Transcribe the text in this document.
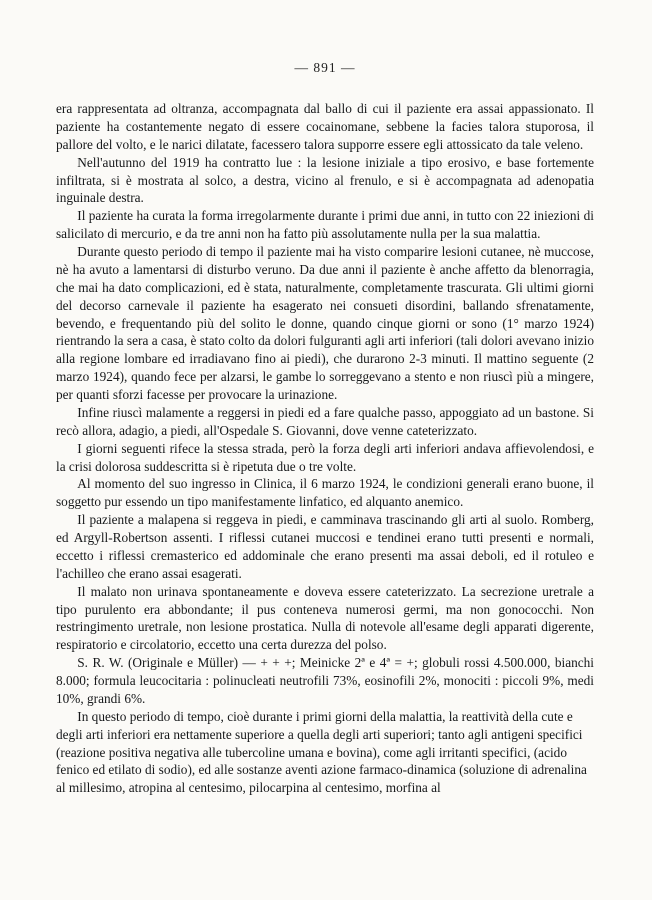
— 891 —

era rappresentata ad oltranza, accompagnata dal ballo di cui il paziente era assai appassionato. Il paziente ha costantemente negato di essere cocainomane, sebbene la facies talora stuporosa, il pallore del volto, e le narici dilatate, facessero talora supporre essere egli attossicato da tale veleno.

Nell'autunno del 1919 ha contratto lue : la lesione iniziale a tipo erosivo, e base fortemente infiltrata, si è mostrata al solco, a destra, vicino al frenulo, e si è accompagnata ad adenopatia inguinale destra.

Il paziente ha curata la forma irregolarmente durante i primi due anni, in tutto con 22 iniezioni di salicilato di mercurio, e da tre anni non ha fatto più assolutamente nulla per la sua malattia.

Durante questo periodo di tempo il paziente mai ha visto comparire lesioni cutanee, nè muccose, nè ha avuto a lamentarsi di disturbo veruno. Da due anni il paziente è anche affetto da blenorragia, che mai ha dato complicazioni, ed è stata, naturalmente, completamente trascurata. Gli ultimi giorni del decorso carnevale il paziente ha esagerato nei consueti disordini, ballando sfrenatamente, bevendo, e frequentando più del solito le donne, quando cinque giorni or sono (1° marzo 1924) rientrando la sera a casa, è stato colto da dolori fulguranti agli arti inferiori (tali dolori avevano inizio alla regione lombare ed irradiavano fino ai piedi), che durarono 2-3 minuti. Il mattino seguente (2 marzo 1924), quando fece per alzarsi, le gambe lo sorreggevano a stento e non riuscì più a mingere, per quanti sforzi facesse per provocare la urinazione.

Infine riuscì malamente a reggersi in piedi ed a fare qualche passo, appoggiato ad un bastone. Si recò allora, adagio, a piedi, all'Ospedale S. Giovanni, dove venne cateterizzato.

I giorni seguenti rifece la stessa strada, però la forza degli arti inferiori andava affievolendosi, e la crisi dolorosa suddescritta si è ripetuta due o tre volte.

Al momento del suo ingresso in Clinica, il 6 marzo 1924, le condizioni generali erano buone, il soggetto pur essendo un tipo manifestamente linfatico, ed alquanto anemico.

Il paziente a malapena si reggeva in piedi, e camminava trascinando gli arti al suolo. Romberg, ed Argyll-Robertson assenti. I riflessi cutanei muccosi e tendinei erano tutti presenti e normali, eccetto i riflessi cremasterico ed addominale che erano presenti ma assai deboli, ed il rotuleo e l'achilleo che erano assai esagerati.

Il malato non urinava spontaneamente e doveva essere cateterizzato. La secrezione uretrale a tipo purulento era abbondante; il pus conteneva numerosi germi, ma non gonococchi. Non restringimento uretrale, non lesione prostatica. Nulla di notevole all'esame degli apparati digerente, respiratorio e circolatorio, eccetto una certa durezza del polso.

S. R. W. (Originale e Müller) — + + +; Meinicke 2ª e 4ª = +; globuli rossi 4.500.000, bianchi 8.000; formula leucocitaria : polinucleati neutrofili 73%, eosinofili 2%, monociti : piccoli 9%, medi 10%, grandi 6%.

In questo periodo di tempo, cioè durante i primi giorni della malattia, la reattività della cute e degli arti inferiori era nettamente superiore a quella degli arti superiori; tanto agli antigeni specifici (reazione positiva negativa alle tubercoline umana e bovina), come agli irritanti specifici, (acido fenico ed etilato di sodio), ed alle sostanze aventi azione farmaco-dinamica (soluzione di adrenalina al millesimo, atropina al centesimo, pilocarpina al centesimo, morfina al
